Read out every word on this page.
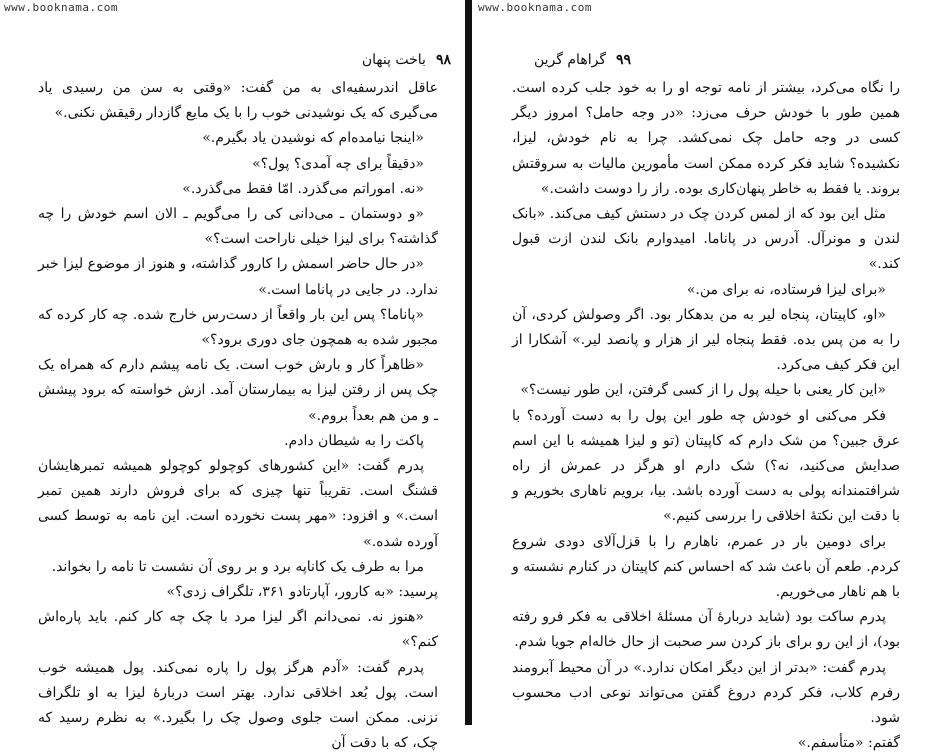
www.booknama.com
۹۹
گراهام گرین

را نگاه می‌کرد، بیشتر از نامه توجه او را به خود جلب کرده است. همین طور با خودش حرف می‌زد: «در وجه حامل؟ امروز دیگر کسی در وجه حامل چک نمی‌کشد. چرا به نام خودش، لیزا، نکشیده؟ شاید فکر کرده ممکن است مأمورین مالیات به سروقتش بروند. یا فقط به خاطر پنهان‌کاری بوده. راز را دوست داشت.»

مثل این بود که از لمس کردن چک در دستش کیف می‌کند. «بانک لندن و مونرآل. آدرس در پاناما. امیدوارم بانک لندن ازت قبول کند.»

«برای لیزا فرستاده، نه برای من.»

«او، کاپیتان، پنجاه لیر به من بدهکار بود. اگر وصولش کردی، آن را به من پس بده. فقط پنجاه لیر از هزار و پانصد لیر.» آشکارا از این فکر کیف می‌کرد.

«این کار یعنی با حیله پول را از کسی گرفتن، این طور نیست؟»

فکر می‌کنی او خودش چه طور این پول را به دست آورده؟ با عرق جبین؟ من شک دارم که کاپیتان (تو و لیزا همیشه با این اسم صدایش می‌کنید، نه؟) شک دارم او هرگز در عمرش از راه شرافتمندانه پولی به دست آورده باشد. بیا، برویم ناهاری بخوریم و با دقت این نکتهٔ اخلاقی را بررسی کنیم.»

برای دومین بار در عمرم، ناهارم را با قزل‌آلای دودی شروع کردم. طعم آن باعث شد که احساس کنم کاپیتان در کنارم نشسته و با هم ناهار می‌خوریم.

پدرم ساکت بود (شاید دربارهٔ آن مسئلهٔ اخلاقی به فکر فرو رفته بود)، از این رو برای باز کردن سر صحبت از حال خاله‌ام جویا شدم.

پدرم گفت: «بدتر از این دیگر امکان ندارد.» در آن محیط آبرومند رفرم کلاب، فکر کردم دروغ گفتن می‌تواند نوعی ادب محسوب شود.

گفتم: «متأسفم.»

www.booknama.com
۹۸
باخت پنهان

عاقل اندرسفیه‌ای به من گفت: «وقتی به سن من رسیدی یاد می‌گیری که یک نوشیدنی خوب را با یک مایع گازدار رقیقش نکنی.»

«اینجا نیامده‌ام که نوشیدن یاد بگیرم.»

«دقیقاً برای چه آمدی؟ پول؟»

«نه. اموراتم می‌گذرد. امّا فقط می‌گذرد.»

«و دوستمان ـ می‌دانی کی را می‌گویم ـ الان اسم خودش را چه گذاشته؟ برای لیزا خیلی ناراحت است؟»

«در حال حاضر اسمش را کارور گذاشته، و هنوز از موضوع لیزا خبر ندارد. در جایی در پاناما است.»

«پاناما؟ پس این بار واقعاً از دست‌رس خارج شده. چه کار کرده که مجبور شده به همچون جای دوری برود؟»

«ظاهراً کار و بارش خوب است. یک نامه پیشم دارم که همراه یک چک پس از رفتن لیزا به بیمارستان آمد. ازش خواسته که برود پیشش ـ و من هم بعداً بروم.»

پاکت را به شیطان دادم.

پدرم گفت: «این کشورهای کوچولو کوچولو همیشه تمبرهایشان قشنگ است. تقریباً تنها چیزی که برای فروش دارند همین تمبر است.» و افزود: «مهر پست نخورده است. این نامه به توسط کسی آورده شده.»

مرا به طرف یک کاناپه برد و بر روی آن نشست تا نامه را بخواند.

پرسید: «به کارور، آپارتادو ۳۶۱، تلگراف زدی؟»

«هنوز نه. نمی‌دانم اگر لیزا مرد با چک چه کار کنم. باید پاره‌اش کنم؟»

پدرم گفت: «آدم هرگز پول را پاره نمی‌کند. پول همیشه خوب است. پول بُعد اخلاقی ندارد. بهتر است درباره‌ٔ لیزا به او تلگراف نزنی. ممکن است جلوی وصول چک را بگیرد.» به نظرم رسید که چک، که با دقت آن
